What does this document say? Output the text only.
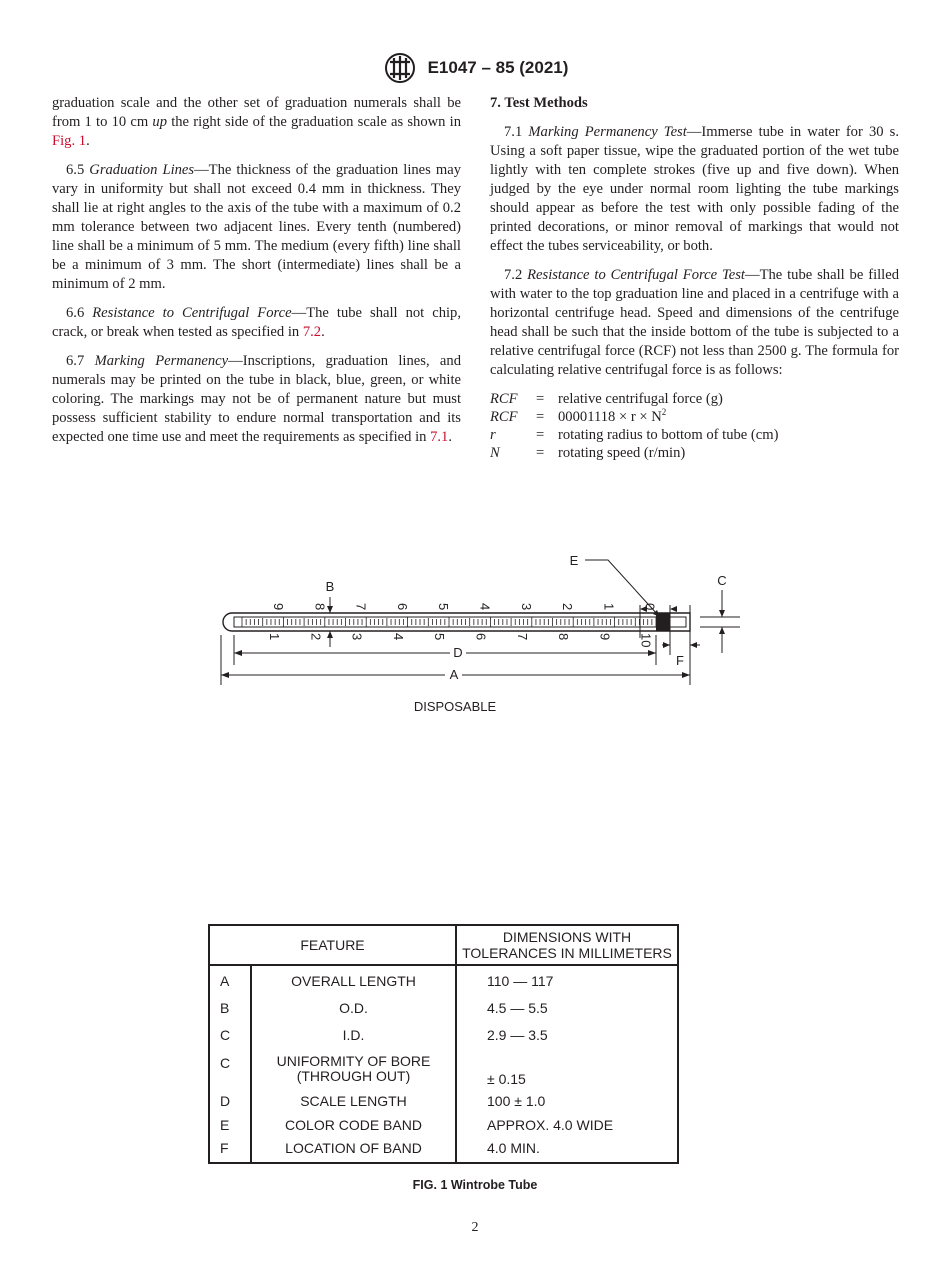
E1047 – 85 (2021)

graduation scale and the other set of graduation numerals shall be from 1 to 10 cm up the right side of the graduation scale as shown in Fig. 1.

6.5 Graduation Lines—The thickness of the graduation lines may vary in uniformity but shall not exceed 0.4 mm in thickness. They shall lie at right angles to the axis of the tube with a maximum of 0.2 mm tolerance between two adjacent lines. Every tenth (numbered) line shall be a minimum of 5 mm. The medium (every fifth) line shall be a minimum of 3 mm. The short (intermediate) lines shall be a minimum of 2 mm.

6.6 Resistance to Centrifugal Force—The tube shall not chip, crack, or break when tested as specified in 7.2.

6.7 Marking Permanency—Inscriptions, graduation lines, and numerals may be printed on the tube in black, blue, green, or white coloring. The markings may not be of permanent nature but must possess sufficient stability to endure normal transportation and its expected one time use and meet the requirements as specified in 7.1.

7. Test Methods

7.1 Marking Permanency Test—Immerse tube in water for 30 s. Using a soft paper tissue, wipe the graduated portion of the wet tube lightly with ten complete strokes (five up and five down). When judged by the eye under normal room lighting the tube markings should appear as before the test with only possible fading of the printed decorations, or minor removal of markings that would not effect the tubes serviceability, or both.

7.2 Resistance to Centrifugal Force Test—The tube shall be filled with water to the top graduation line and placed in a centrifuge with a horizontal centrifuge head. Speed and dimensions of the centrifuge head shall be such that the inside bottom of the tube is subjected to a relative centrifugal force (RCF) not less than 2500 g. The formula for calculating relative centrifugal force is as follows:

RCF	= relative centrifugal force (g)
RCF	= $00001118 \times r \times N^2$
r	= rotating radius to bottom of tube (cm)
N	= rotating speed (r/min)
D
A
B
E
C
F
9 8 7 6 5 4 3 2 1 0
1 2 3 4 5 6 7 8 9 10
DISPOSABLE
FEATURE		DIMENSIONS WITH
TOLERANCES IN MILLIMETERS

A	OVERALL LENGTH	110 — 117
B	O.D.	4.5 — 5.5
C	I.D.	2.9 — 3.5
C	UNIFORMITY OF BORE
(THROUGH OUT)	± 0.15
D	SCALE LENGTH	100 ± 1.0
E	COLOR CODE BAND	APPROX. 4.0 WIDE
F	LOCATION OF BAND	4.0 MIN.
FIG. 1 Wintrobe Tube
2
